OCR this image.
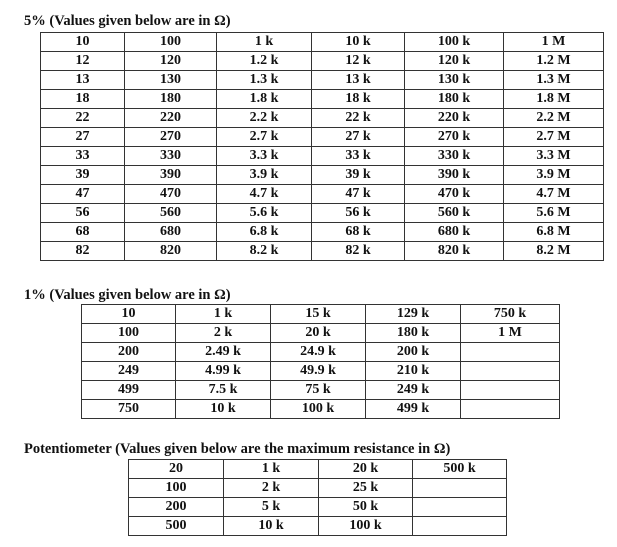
5% (Values given below are in Ω)
10	100	1 k	10 k	100 k	1 M
12	120	1.2 k	12 k	120 k	1.2 M
13	130	1.3 k	13 k	130 k	1.3 M
18	180	1.8 k	18 k	180 k	1.8 M
22	220	2.2 k	22 k	220 k	2.2 M
27	270	2.7 k	27 k	270 k	2.7 M
33	330	3.3 k	33 k	330 k	3.3 M
39	390	3.9 k	39 k	390 k	3.9 M
47	470	4.7 k	47 k	470 k	4.7 M
56	560	5.6 k	56 k	560 k	5.6 M
68	680	6.8 k	68 k	680 k	6.8 M
82	820	8.2 k	82 k	820 k	8.2 M
1% (Values given below are in Ω)
10	1 k	15 k	129 k	750 k
100	2 k	20 k	180 k	1 M
200	2.49 k	24.9 k	200 k	
249	4.99 k	49.9 k	210 k	
499	7.5 k	75 k	249 k	
750	10 k	100 k	499 k	
Potentiometer (Values given below are the maximum resistance in Ω)
20	1 k	20 k	500 k
100	2 k	25 k	
200	5 k	50 k	
500	10 k	100 k	
